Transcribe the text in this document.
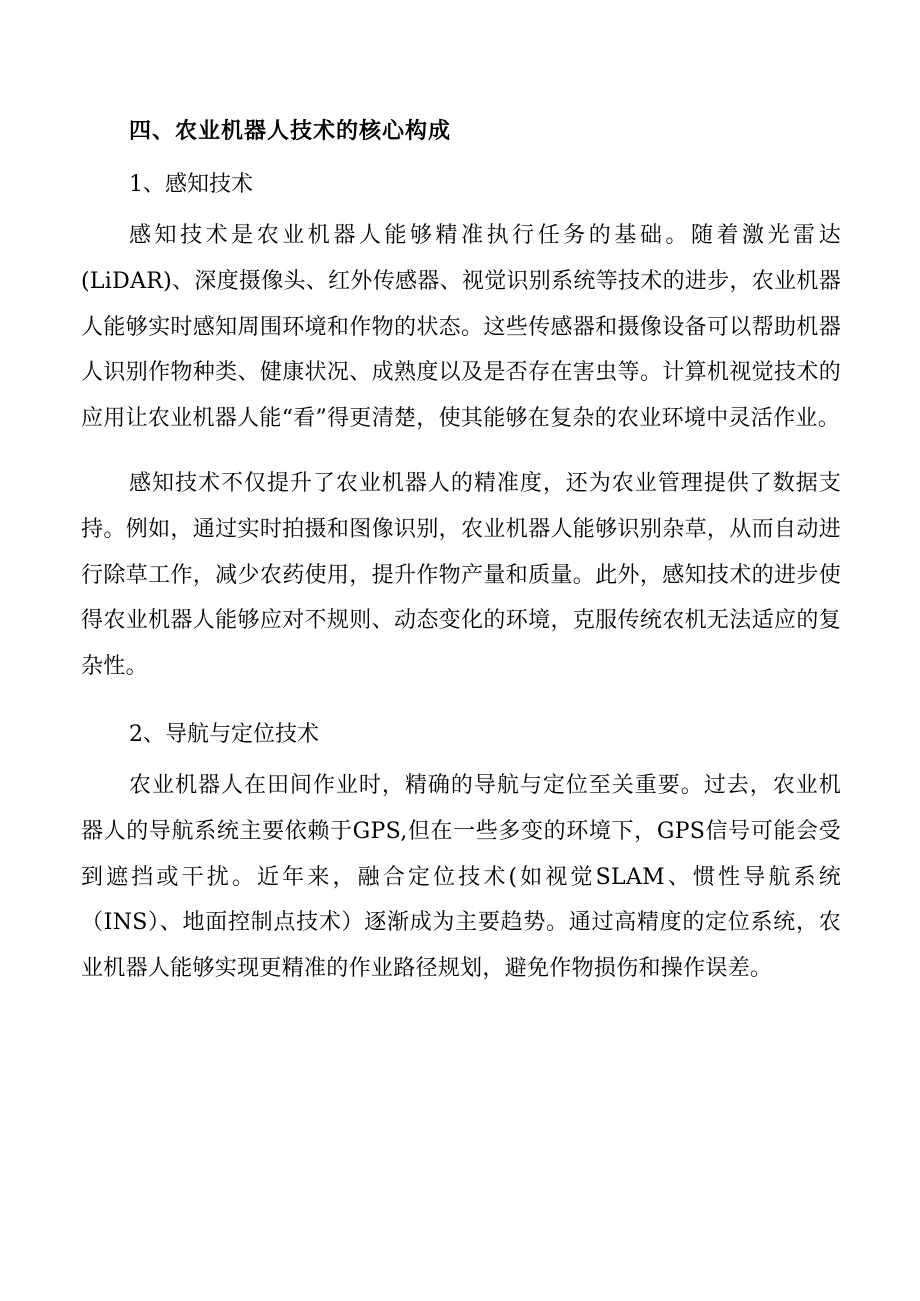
四、农业机器人技术的核心构成
1、感知技术

感知技术是农业机器人能够精准执行任务的基础。随着激光雷达(LiDAR)、深度摄像头、红外传感器、视觉识别系统等技术的进步，农业机器人能够实时感知周围环境和作物的状态。这些传感器和摄像设备可以帮助机器人识别作物种类、健康状况、成熟度以及是否存在害虫等。计算机视觉技术的应用让农业机器人能“看”得更清楚，使其能够在复杂的农业环境中灵活作业。

感知技术不仅提升了农业机器人的精准度，还为农业管理提供了数据支持。例如，通过实时拍摄和图像识别，农业机器人能够识别杂草，从而自动进行除草工作，减少农药使用，提升作物产量和质量。此外，感知技术的进步使得农业机器人能够应对不规则、动态变化的环境，克服传统农机无法适应的复杂性。

2、导航与定位技术

农业机器人在田间作业时，精确的导航与定位至关重要。过去，农业机器人的导航系统主要依赖于GPS,但在一些多变的环境下，GPS信号可能会受到遮挡或干扰。近年来，融合定位技术(如视觉SLAM、惯性导航系统（INS）、地面控制点技术）逐渐成为主要趋势。通过高精度的定位系统，农业机器人能够实现更精准的作业路径规划，避免作物损伤和操作误差。
